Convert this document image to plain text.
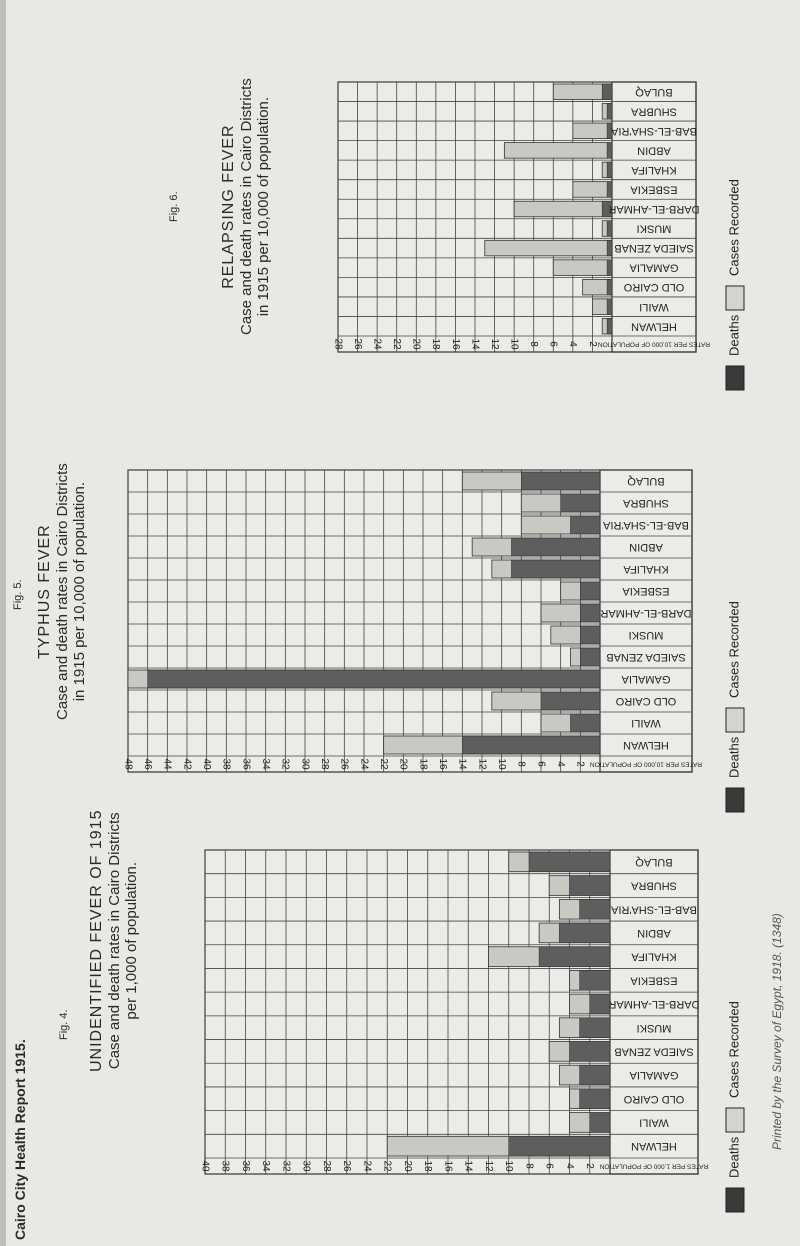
Cairo City Health Report 1915.
Fig. 4. UNIDENTIFIED FEVER OF 1915 Case and death rates in Cairo Districts per 1,000 of population.
Fig. 5. TYPHUS FEVER Case and death rates in Cairo Districts in 1915 per 10,000 of population.
Fig. 6.	RELAPSING FEVER Case and death rates in Cairo Districts in 1915 per 10,000 of population.
BULAQ
SHUBRA
BAB-EL-SHA'RIA
ABDIN
KHALIFA
ESBEKIA
DARB-EL-AHMAR
MUSKI
SAIEDA ZENAB
GAMALIA
OLD CAIRO
WAILI
HELWAN
2
4
6
8
10
12
14
16
18
20
22
24
26
28
30
32
34
36
38
40	RATES PER 1,000 OF POPULATION Deaths
Cases Recorded
BULAQ
SHUBRA
BAB-EL-SHA'RIA
ABDIN
KHALIFA
ESBEKIA
DARB-EL-AHMAR
MUSKI
SAIEDA ZENAB
GAMALIA
OLD CAIRO
WAILI
HELWAN
2
4
6
8
10
12
14
16
18
20
22
24
26
28
30
32
34
36
38
40
42
44
46
48	RATES PER 10,000 OF POPULATION Deaths
Cases Recorded
BULAQ
SHUBRA
BAB-EL-SHA'RIA
ABDIN
KHALIFA
ESBEKIA
DARB-EL-AHMAR
MUSKI
SAIEDA ZENAB
GAMALIA
OLD CAIRO
WAILI
HELWAN
2
4
6
8
10
12
14
16
18
20
22
24
26
28	RATES PER 10,000 OF POPULATION Deaths
Cases Recorded
Printed by the Survey of Egypt, 1918. (1348)
